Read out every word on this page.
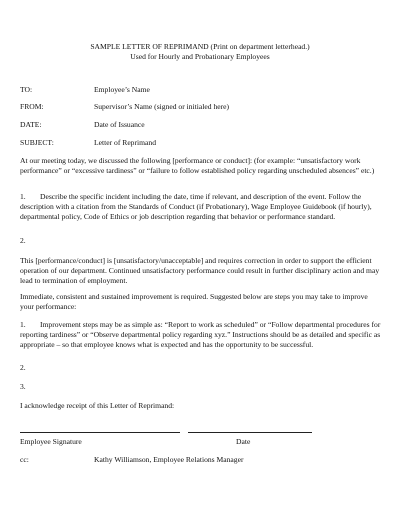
SAMPLE LETTER OF REPRIMAND (Print on department letterhead.)
Used for Hourly and Probationary Employees
TO:	Employee’s Name
FROM:	Supervisor’s Name (signed or initialed here)
DATE:	Date of Issuance
SUBJECT:	Letter of Reprimand
At our meeting today, we discussed the following [performance or conduct]: (for example: “unsatisfactory work performance” or “excessive tardiness” or “failure to follow established policy regarding unscheduled absences” etc.)
1. Describe the specific incident including the date, time if relevant, and description of the event. Follow the description with a citation from the Standards of Conduct (if Probationary), Wage Employee Guidebook (if hourly), departmental policy, Code of Ethics or job description regarding that behavior or performance standard.
2.
This [performance/conduct] is [unsatisfactory/unacceptable] and requires correction in order to support the efficient operation of our department. Continued unsatisfactory performance could result in further disciplinary action and may lead to termination of employment.
Immediate, consistent and sustained improvement is required. Suggested below are steps you may take to improve your performance:
1. Improvement steps may be as simple as: “Report to work as scheduled” or “Follow departmental procedures for reporting tardiness” or “Observe departmental policy regarding xyz.” Instructions should be as detailed and specific as appropriate – so that employee knows what is expected and has the opportunity to be successful.
2.
3.
I acknowledge receipt of this Letter of Reprimand:
Employee Signature	Date
cc:	Kathy Williamson, Employee Relations Manager
